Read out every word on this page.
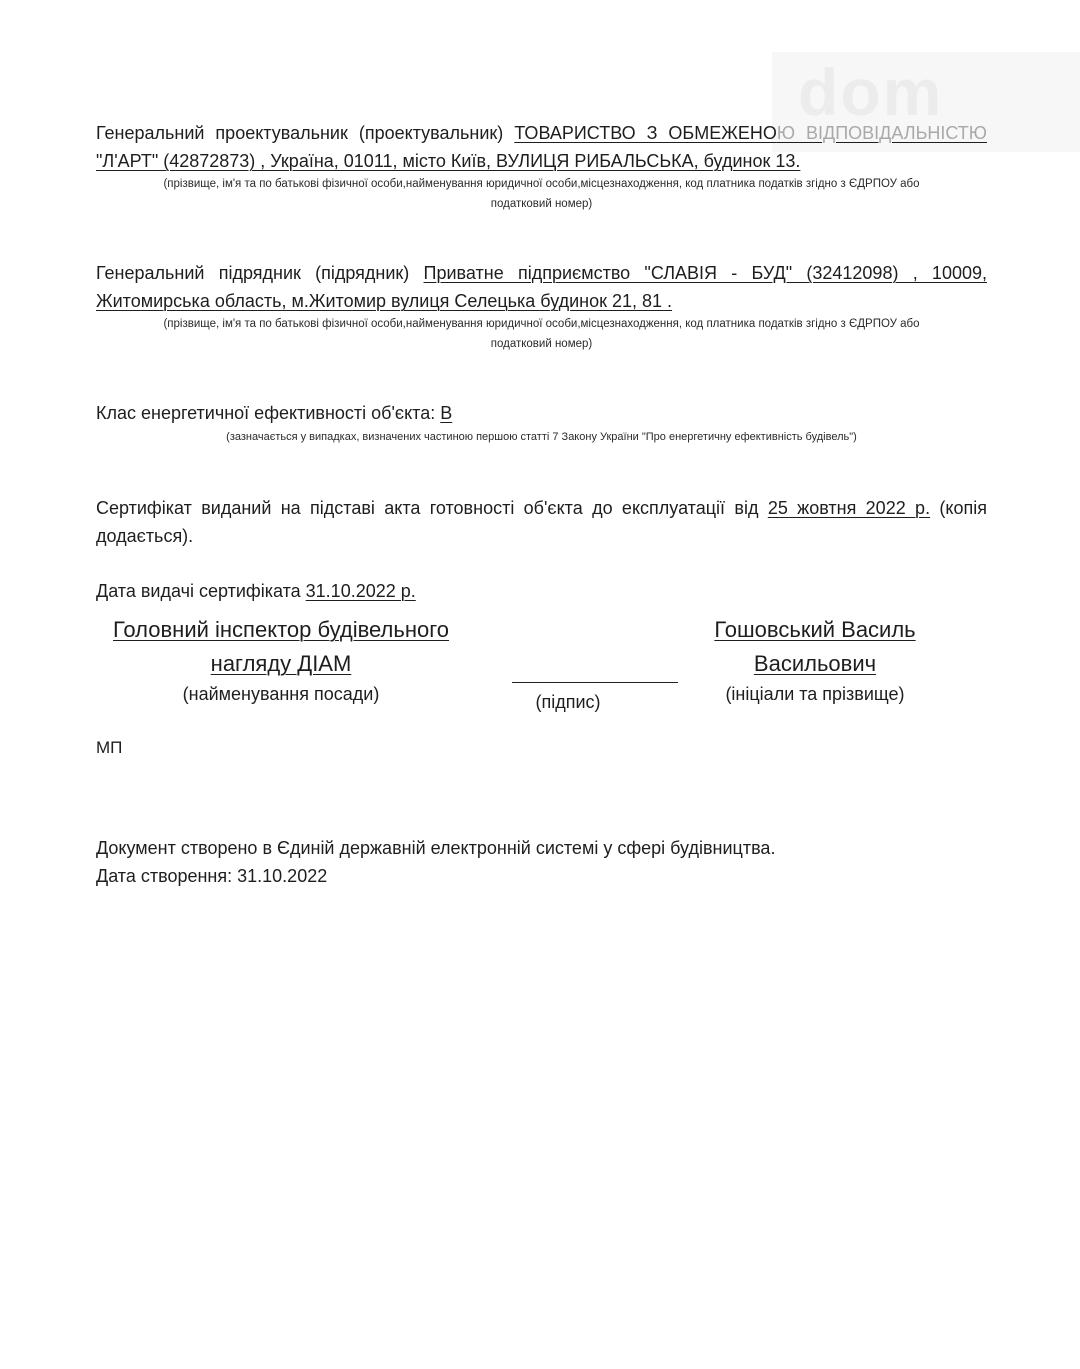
dom
Генеральний проектувальник (проектувальник) ТОВАРИСТВО З ОБМЕЖЕНОЮ ВІДПОВІДАЛЬНІСТЮ
"Л'АРТ" (42872873) , Україна, 01011, місто Київ, ВУЛИЦЯ РИБАЛЬСЬКА, будинок 13.
(прізвище, ім'я та по батькові фізичної особи,найменування юридичної особи,місцезнаходження, код платника податків згідно з ЄДРПОУ або
податковий номер)
Генеральний підрядник (підрядник) Приватне підприємство "СЛАВІЯ - БУД" (32412098) , 10009,
Житомирська область, м.Житомир вулиця Селецька будинок 21, 81 .
(прізвище, ім'я та по батькові фізичної особи,найменування юридичної особи,місцезнаходження, код платника податків згідно з ЄДРПОУ або
податковий номер)
Клас енергетичної ефективності об'єкта: B
(зазначається у випадках, визначених частиною першою статті 7 Закону України "Про енергетичну ефективність будівель")
Сертифікат виданий на підставі акта готовності об'єкта до експлуатації від 25 жовтня 2022 р. (копія
додається).
Дата видачі сертифіката 31.10.2022 р.
Головний інспектор будівельного
нагляду ДІАМ
(найменування посади)	(підпис)
Гошовський Василь
Васильович
(ініціали та прізвище)
МП
Документ створено в Єдиній державній електронній системі у сфері будівництва.
Дата створення: 31.10.2022
